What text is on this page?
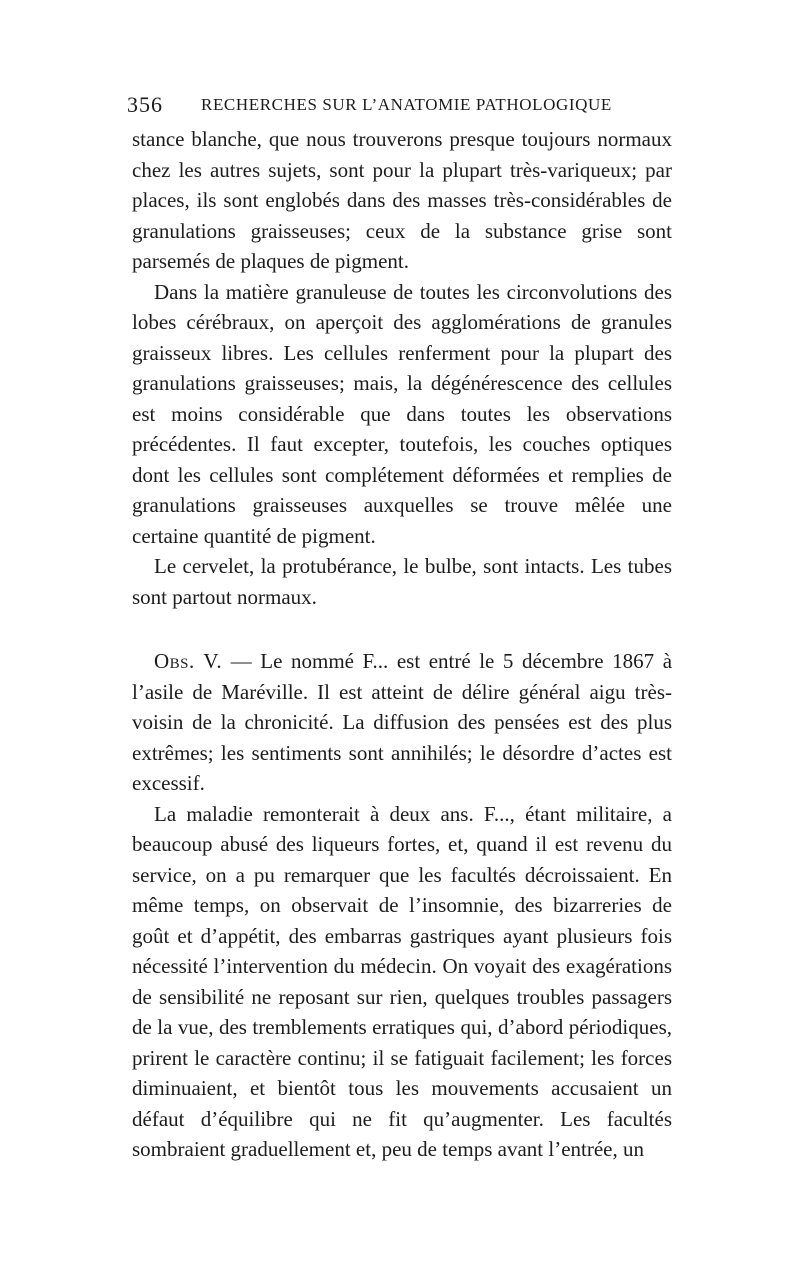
356 RECHERCHES SUR L’ANATOMIE PATHOLOGIQUE

stance blanche, que nous trouverons presque toujours normaux chez les autres sujets, sont pour la plupart très-variqueux; par places, ils sont englobés dans des masses très-considérables de granulations graisseuses; ceux de la substance grise sont parsemés de plaques de pigment.

Dans la matière granuleuse de toutes les circonvolutions des lobes cérébraux, on aperçoit des agglomérations de granules graisseux libres. Les cellules renferment pour la plupart des granulations graisseuses; mais, la dégénérescence des cellules est moins considérable que dans toutes les observations précédentes. Il faut excepter, toutefois, les couches optiques dont les cellules sont complétement déformées et remplies de granulations graisseuses auxquelles se trouve mêlée une certaine quantité de pigment.

Le cervelet, la protubérance, le bulbe, sont intacts. Les tubes sont partout normaux.

Obs. V. — Le nommé F... est entré le 5 décembre 1867 à l’asile de Maréville. Il est atteint de délire général aigu très-voisin de la chronicité. La diffusion des pensées est des plus extrêmes; les sentiments sont annihilés; le désordre d’actes est excessif.

La maladie remonterait à deux ans. F..., étant militaire, a beaucoup abusé des liqueurs fortes, et, quand il est revenu du service, on a pu remarquer que les facultés décroissaient. En même temps, on observait de l’insomnie, des bizarreries de goût et d’appétit, des embarras gastriques ayant plusieurs fois nécessité l’intervention du médecin. On voyait des exagérations de sensibilité ne reposant sur rien, quelques troubles passagers de la vue, des tremblements erratiques qui, d’abord périodiques, prirent le caractère continu; il se fatiguait facilement; les forces diminuaient, et bientôt tous les mouvements accusaient un défaut d’équilibre qui ne fit qu’augmenter. Les facultés sombraient graduellement et, peu de temps avant l’entrée, un
